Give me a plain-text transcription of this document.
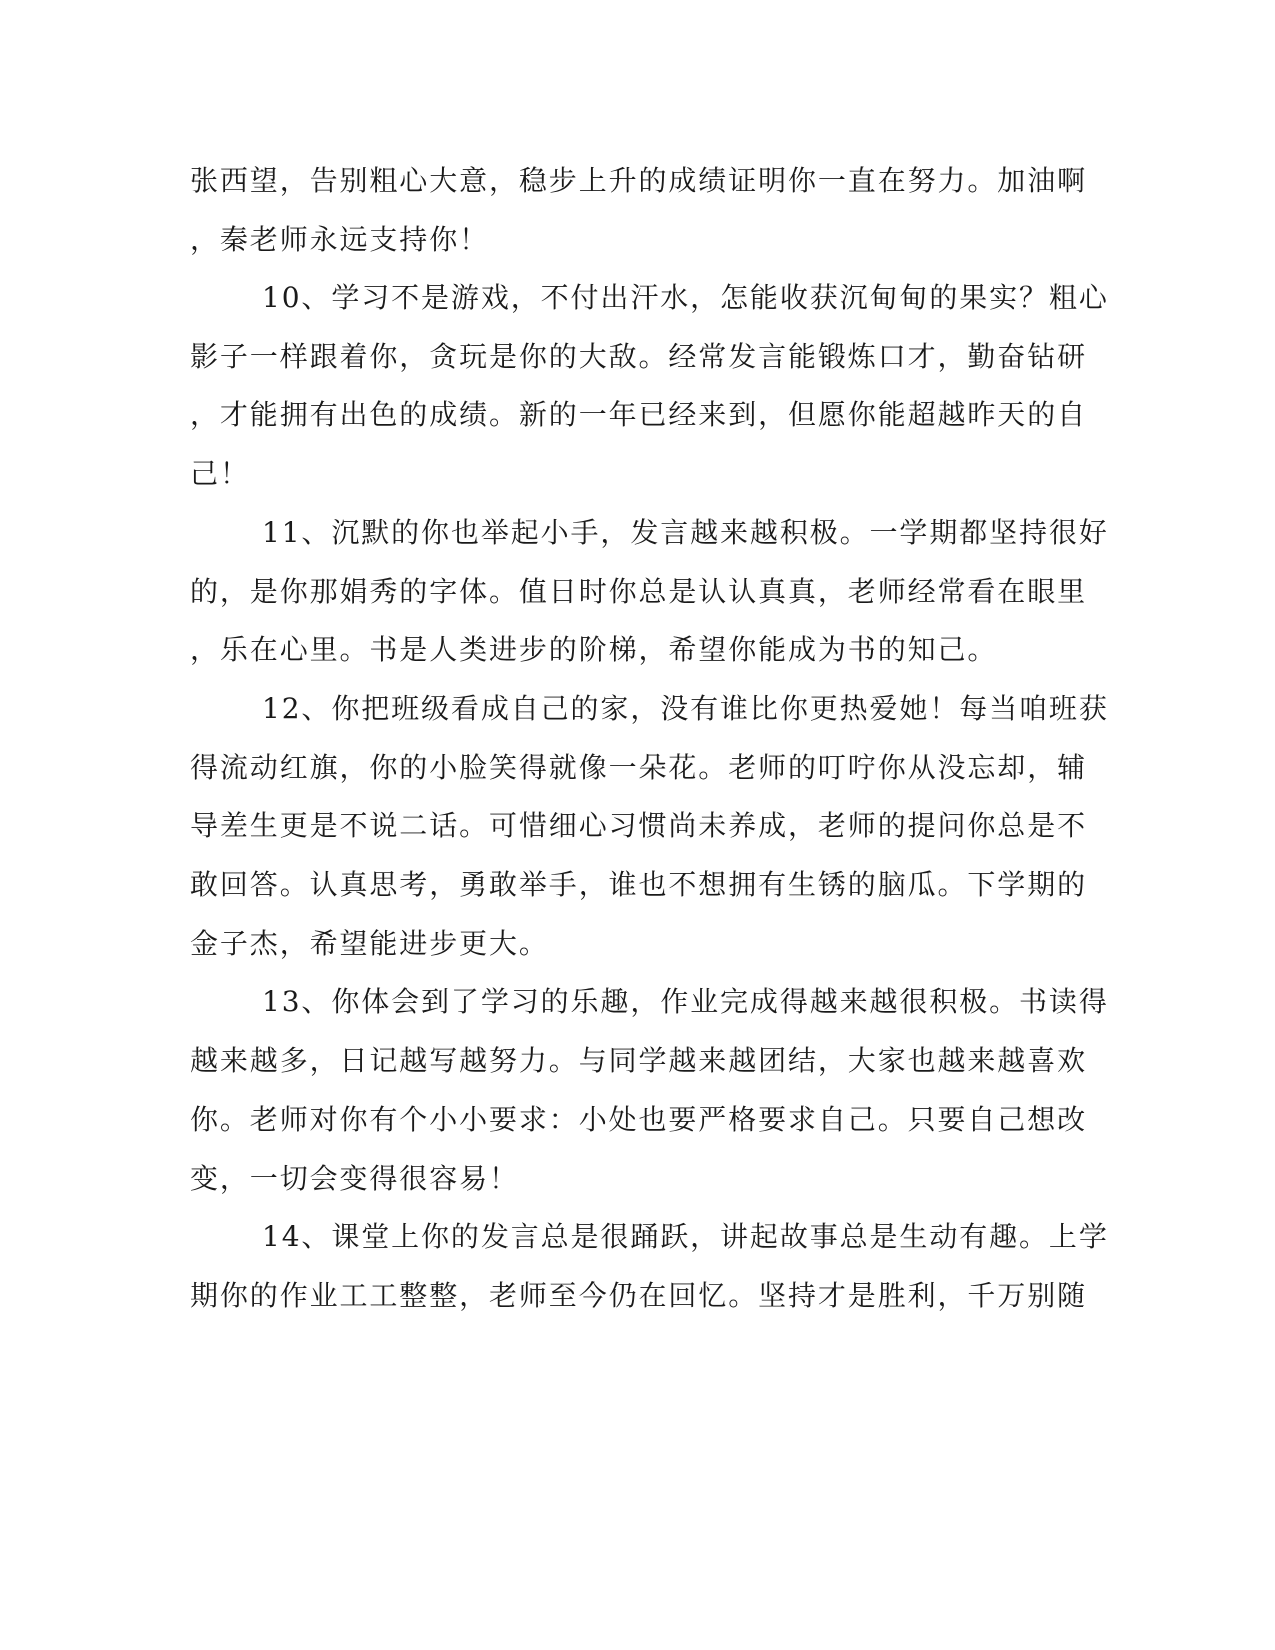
张西望，告别粗心大意，稳步上升的成绩证明你一直在努力。加油啊
，秦老师永远支持你！
10、学习不是游戏，不付出汗水，怎能收获沉甸甸的果实？粗心
影子一样跟着你，贪玩是你的大敌。经常发言能锻炼口才，勤奋钻研
，才能拥有出色的成绩。新的一年已经来到，但愿你能超越昨天的自
己！
11、沉默的你也举起小手，发言越来越积极。一学期都坚持很好
的，是你那娟秀的字体。值日时你总是认认真真，老师经常看在眼里
，乐在心里。书是人类进步的阶梯，希望你能成为书的知己。
12、你把班级看成自己的家，没有谁比你更热爱她！每当咱班获
得流动红旗，你的小脸笑得就像一朵花。老师的叮咛你从没忘却，辅
导差生更是不说二话。可惜细心习惯尚未养成，老师的提问你总是不
敢回答。认真思考，勇敢举手，谁也不想拥有生锈的脑瓜。下学期的
金子杰，希望能进步更大。
13、你体会到了学习的乐趣，作业完成得越来越很积极。书读得
越来越多，日记越写越努力。与同学越来越团结，大家也越来越喜欢
你。老师对你有个小小要求：小处也要严格要求自己。只要自己想改
变，一切会变得很容易！
14、课堂上你的发言总是很踊跃，讲起故事总是生动有趣。上学
期你的作业工工整整，老师至今仍在回忆。坚持才是胜利，千万别随
